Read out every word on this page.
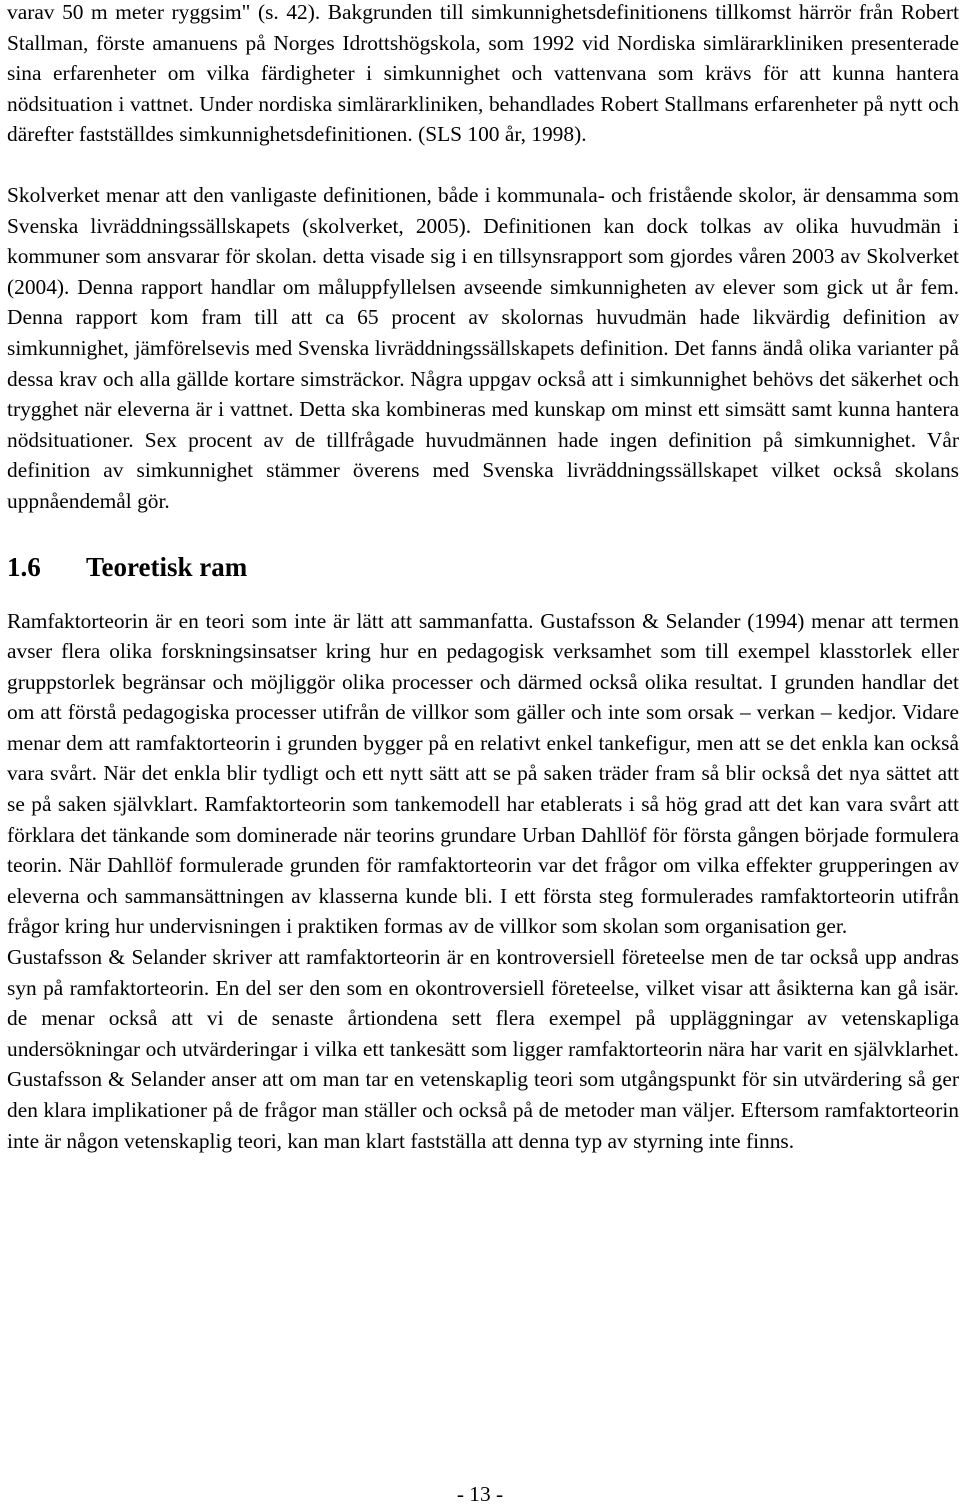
varav 50 m meter ryggsim" (s. 42). Bakgrunden till simkunnighetsdefinitionens tillkomst härrör från Robert Stallman, förste amanuens på Norges Idrottshögskola, som 1992 vid Nordiska simlärarkliniken presenterade sina erfarenheter om vilka färdigheter i simkunnighet och vattenvana som krävs för att kunna hantera nödsituation i vattnet. Under nordiska simlärarkliniken, behandlades Robert Stallmans erfarenheter på nytt och därefter fastställdes simkunnighetsdefinitionen. (SLS 100 år, 1998).

Skolverket menar att den vanligaste definitionen, både i kommunala- och fristående skolor, är densamma som Svenska livräddningssällskapets (skolverket, 2005). Definitionen kan dock tolkas av olika huvudmän i kommuner som ansvarar för skolan. detta visade sig i en tillsynsrapport som gjordes våren 2003 av Skolverket (2004). Denna rapport handlar om måluppfyllelsen avseende simkunnigheten av elever som gick ut år fem. Denna rapport kom fram till att ca 65 procent av skolornas huvudmän hade likvärdig definition av simkunnighet, jämförelsevis med Svenska livräddningssällskapets definition. Det fanns ändå olika varianter på dessa krav och alla gällde kortare simsträckor. Några uppgav också att i simkunnighet behövs det säkerhet och trygghet när eleverna är i vattnet. Detta ska kombineras med kunskap om minst ett simsätt samt kunna hantera nödsituationer. Sex procent av de tillfrågade huvudmännen hade ingen definition på simkunnighet. Vår definition av simkunnighet stämmer överens med Svenska livräddningssällskapet vilket också skolans uppnåendemål gör.

1.6 Teoretisk ram

Ramfaktorteorin är en teori som inte är lätt att sammanfatta. Gustafsson & Selander (1994) menar att termen avser flera olika forskningsinsatser kring hur en pedagogisk verksamhet som till exempel klasstorlek eller gruppstorlek begränsar och möjliggör olika processer och därmed också olika resultat. I grunden handlar det om att förstå pedagogiska processer utifrån de villkor som gäller och inte som orsak – verkan – kedjor. Vidare menar dem att ramfaktorteorin i grunden bygger på en relativt enkel tankefigur, men att se det enkla kan också vara svårt. När det enkla blir tydligt och ett nytt sätt att se på saken träder fram så blir också det nya sättet att se på saken självklart. Ramfaktorteorin som tankemodell har etablerats i så hög grad att det kan vara svårt att förklara det tänkande som dominerade när teorins grundare Urban Dahllöf för första gången började formulera teorin. När Dahllöf formulerade grunden för ramfaktorteorin var det frågor om vilka effekter grupperingen av eleverna och sammansättningen av klasserna kunde bli. I ett första steg formulerades ramfaktorteorin utifrån frågor kring hur undervisningen i praktiken formas av de villkor som skolan som organisation ger.

Gustafsson & Selander skriver att ramfaktorteorin är en kontroversiell företeelse men de tar också upp andras syn på ramfaktorteorin. En del ser den som en okontroversiell företeelse, vilket visar att åsikterna kan gå isär. de menar också att vi de senaste årtiondena sett flera exempel på uppläggningar av vetenskapliga undersökningar och utvärderingar i vilka ett tankesätt som ligger ramfaktorteorin nära har varit en självklarhet. Gustafsson & Selander anser att om man tar en vetenskaplig teori som utgångspunkt för sin utvärdering så ger den klara implikationer på de frågor man ställer och också på de metoder man väljer. Eftersom ramfaktorteorin inte är någon vetenskaplig teori, kan man klart fastställa att denna typ av styrning inte finns.

- 13 -
